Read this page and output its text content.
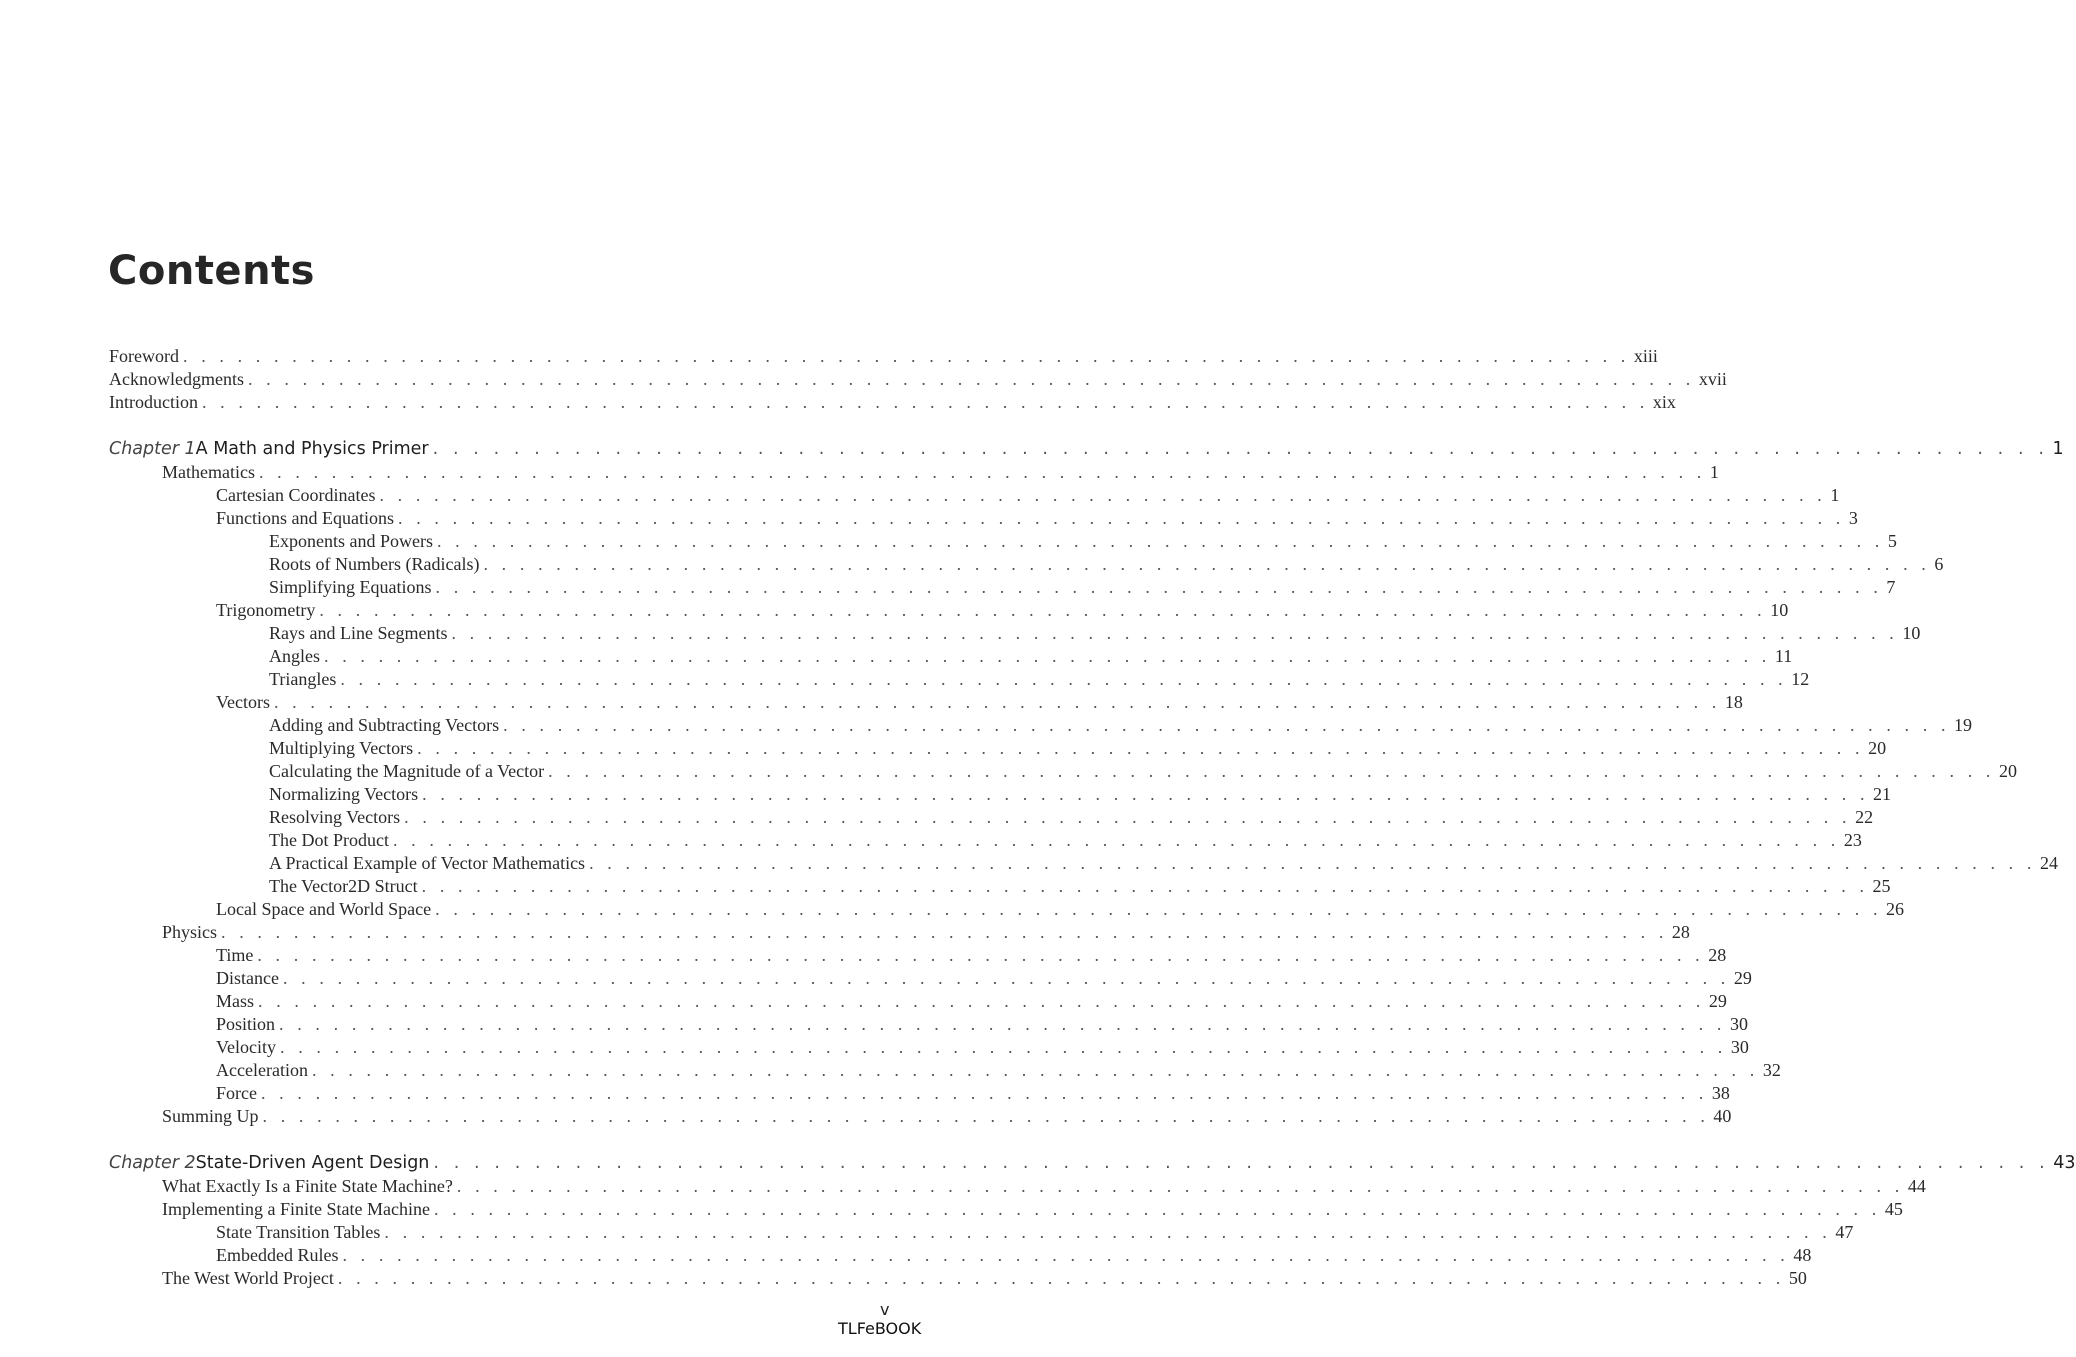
Contents
Foreword . . . . . . . . . . . . . . . . . . . . . . . . . . . . . . . . . . . . . . . . . . . . . . . . . . . . . . . . . . . . . . . . . . . . . . . . . . . . . . . . xiii
Acknowledgments . . . . . . . . . . . . . . . . . . . . . . . . . . . . . . . . . . . . . . . . . . . . . . . . . . . . . . . . . . . . . . . . . . . . . . . . . . . . . . . . xvii
Introduction . . . . . . . . . . . . . . . . . . . . . . . . . . . . . . . . . . . . . . . . . . . . . . . . . . . . . . . . . . . . . . . . . . . . . . . . . . . . . . . . xix
Chapter 1 A Math and Physics Primer . . . . . . . . . . . . . . . . . . . . . . . . . . . . . . . . . . . . . . . . . . . . . . . . . . . . . . . . . . . . . . . . . . . . . . . . . . . . . . . . 1
Mathematics . . . . . . . . . . . . . . . . . . . . . . . . . . . . . . . . . . . . . . . . . . . . . . . . . . . . . . . . . . . . . . . . . . . . . . . . . . . . . . . . 1
Cartesian Coordinates . . . . . . . . . . . . . . . . . . . . . . . . . . . . . . . . . . . . . . . . . . . . . . . . . . . . . . . . . . . . . . . . . . . . . . . . . . . . . . . . 1
Functions and Equations . . . . . . . . . . . . . . . . . . . . . . . . . . . . . . . . . . . . . . . . . . . . . . . . . . . . . . . . . . . . . . . . . . . . . . . . . . . . . . . . 3
Exponents and Powers . . . . . . . . . . . . . . . . . . . . . . . . . . . . . . . . . . . . . . . . . . . . . . . . . . . . . . . . . . . . . . . . . . . . . . . . . . . . . . . . 5
Roots of Numbers (Radicals) . . . . . . . . . . . . . . . . . . . . . . . . . . . . . . . . . . . . . . . . . . . . . . . . . . . . . . . . . . . . . . . . . . . . . . . . . . . . . . . . 6
Simplifying Equations . . . . . . . . . . . . . . . . . . . . . . . . . . . . . . . . . . . . . . . . . . . . . . . . . . . . . . . . . . . . . . . . . . . . . . . . . . . . . . . . 7
Trigonometry . . . . . . . . . . . . . . . . . . . . . . . . . . . . . . . . . . . . . . . . . . . . . . . . . . . . . . . . . . . . . . . . . . . . . . . . . . . . . . . . 10
Rays and Line Segments . . . . . . . . . . . . . . . . . . . . . . . . . . . . . . . . . . . . . . . . . . . . . . . . . . . . . . . . . . . . . . . . . . . . . . . . . . . . . . . . 10
Angles . . . . . . . . . . . . . . . . . . . . . . . . . . . . . . . . . . . . . . . . . . . . . . . . . . . . . . . . . . . . . . . . . . . . . . . . . . . . . . . . 11
Triangles . . . . . . . . . . . . . . . . . . . . . . . . . . . . . . . . . . . . . . . . . . . . . . . . . . . . . . . . . . . . . . . . . . . . . . . . . . . . . . . . 12
Vectors . . . . . . . . . . . . . . . . . . . . . . . . . . . . . . . . . . . . . . . . . . . . . . . . . . . . . . . . . . . . . . . . . . . . . . . . . . . . . . . . 18
Adding and Subtracting Vectors . . . . . . . . . . . . . . . . . . . . . . . . . . . . . . . . . . . . . . . . . . . . . . . . . . . . . . . . . . . . . . . . . . . . . . . . . . . . . . . . 19
Multiplying Vectors . . . . . . . . . . . . . . . . . . . . . . . . . . . . . . . . . . . . . . . . . . . . . . . . . . . . . . . . . . . . . . . . . . . . . . . . . . . . . . . . 20
Calculating the Magnitude of a Vector . . . . . . . . . . . . . . . . . . . . . . . . . . . . . . . . . . . . . . . . . . . . . . . . . . . . . . . . . . . . . . . . . . . . . . . . . . . . . . . . 20
Normalizing Vectors . . . . . . . . . . . . . . . . . . . . . . . . . . . . . . . . . . . . . . . . . . . . . . . . . . . . . . . . . . . . . . . . . . . . . . . . . . . . . . . . 21
Resolving Vectors . . . . . . . . . . . . . . . . . . . . . . . . . . . . . . . . . . . . . . . . . . . . . . . . . . . . . . . . . . . . . . . . . . . . . . . . . . . . . . . . 22
The Dot Product . . . . . . . . . . . . . . . . . . . . . . . . . . . . . . . . . . . . . . . . . . . . . . . . . . . . . . . . . . . . . . . . . . . . . . . . . . . . . . . . 23
A Practical Example of Vector Mathematics . . . . . . . . . . . . . . . . . . . . . . . . . . . . . . . . . . . . . . . . . . . . . . . . . . . . . . . . . . . . . . . . . . . . . . . . . . . . . . . . 24
The Vector2D Struct . . . . . . . . . . . . . . . . . . . . . . . . . . . . . . . . . . . . . . . . . . . . . . . . . . . . . . . . . . . . . . . . . . . . . . . . . . . . . . . . 25
Local Space and World Space . . . . . . . . . . . . . . . . . . . . . . . . . . . . . . . . . . . . . . . . . . . . . . . . . . . . . . . . . . . . . . . . . . . . . . . . . . . . . . . . 26
Physics . . . . . . . . . . . . . . . . . . . . . . . . . . . . . . . . . . . . . . . . . . . . . . . . . . . . . . . . . . . . . . . . . . . . . . . . . . . . . . . . 28
Time . . . . . . . . . . . . . . . . . . . . . . . . . . . . . . . . . . . . . . . . . . . . . . . . . . . . . . . . . . . . . . . . . . . . . . . . . . . . . . . . 28
Distance . . . . . . . . . . . . . . . . . . . . . . . . . . . . . . . . . . . . . . . . . . . . . . . . . . . . . . . . . . . . . . . . . . . . . . . . . . . . . . . . 29
Mass . . . . . . . . . . . . . . . . . . . . . . . . . . . . . . . . . . . . . . . . . . . . . . . . . . . . . . . . . . . . . . . . . . . . . . . . . . . . . . . . 29
Position . . . . . . . . . . . . . . . . . . . . . . . . . . . . . . . . . . . . . . . . . . . . . . . . . . . . . . . . . . . . . . . . . . . . . . . . . . . . . . . . 30
Velocity . . . . . . . . . . . . . . . . . . . . . . . . . . . . . . . . . . . . . . . . . . . . . . . . . . . . . . . . . . . . . . . . . . . . . . . . . . . . . . . . 30
Acceleration . . . . . . . . . . . . . . . . . . . . . . . . . . . . . . . . . . . . . . . . . . . . . . . . . . . . . . . . . . . . . . . . . . . . . . . . . . . . . . . . 32
Force . . . . . . . . . . . . . . . . . . . . . . . . . . . . . . . . . . . . . . . . . . . . . . . . . . . . . . . . . . . . . . . . . . . . . . . . . . . . . . . . 38
Summing Up . . . . . . . . . . . . . . . . . . . . . . . . . . . . . . . . . . . . . . . . . . . . . . . . . . . . . . . . . . . . . . . . . . . . . . . . . . . . . . . . 40
Chapter 2 State-Driven Agent Design . . . . . . . . . . . . . . . . . . . . . . . . . . . . . . . . . . . . . . . . . . . . . . . . . . . . . . . . . . . . . . . . . . . . . . . . . . . . . . . . 43
What Exactly Is a Finite State Machine? . . . . . . . . . . . . . . . . . . . . . . . . . . . . . . . . . . . . . . . . . . . . . . . . . . . . . . . . . . . . . . . . . . . . . . . . . . . . . . . . 44
Implementing a Finite State Machine . . . . . . . . . . . . . . . . . . . . . . . . . . . . . . . . . . . . . . . . . . . . . . . . . . . . . . . . . . . . . . . . . . . . . . . . . . . . . . . . 45
State Transition Tables . . . . . . . . . . . . . . . . . . . . . . . . . . . . . . . . . . . . . . . . . . . . . . . . . . . . . . . . . . . . . . . . . . . . . . . . . . . . . . . . 47
Embedded Rules . . . . . . . . . . . . . . . . . . . . . . . . . . . . . . . . . . . . . . . . . . . . . . . . . . . . . . . . . . . . . . . . . . . . . . . . . . . . . . . . 48
The West World Project . . . . . . . . . . . . . . . . . . . . . . . . . . . . . . . . . . . . . . . . . . . . . . . . . . . . . . . . . . . . . . . . . . . . . . . . . . . . . . . . 50
v
TLFeBOOK
